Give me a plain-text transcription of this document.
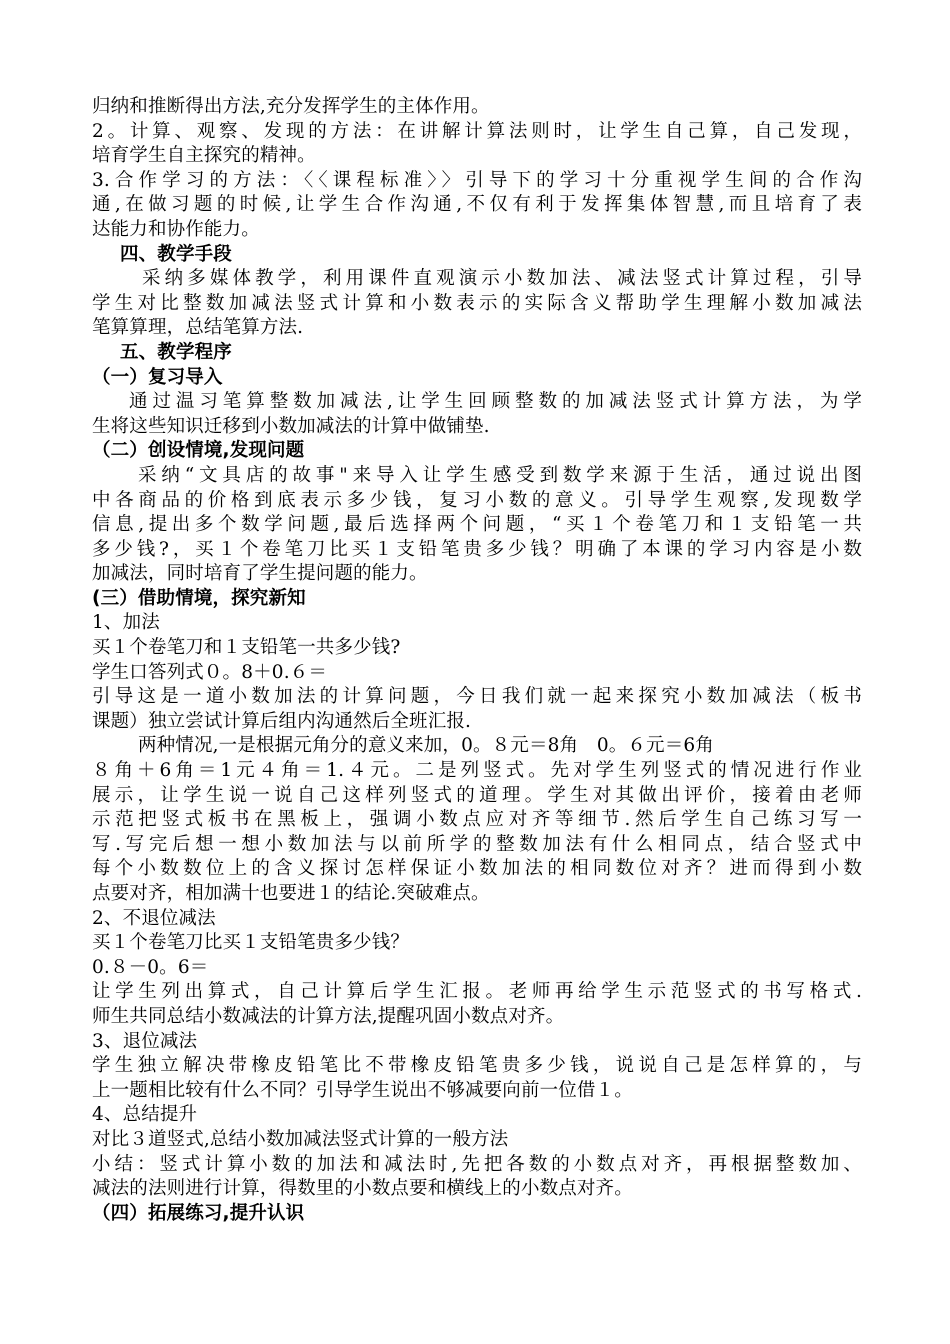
归纳和推断得出方法,充分发挥学生的主体作用。
2。计算、观察、发现的方法：在讲解计算法则时，让学生自己算，自己发现，
培育学生自主探究的精神。
3.合作学习的方法：〈〈课程标准〉〉引导下的学习十分重视学生间的合作沟
通,在做习题的时候,让学生合作沟通,不仅有利于发挥集体智慧,而且培育了表
达能力和协作能力。
四、教学手段
采纳多媒体教学，利用课件直观演示小数加法、减法竖式计算过程，引导
学生对比整数加减法竖式计算和小数表示的实际含义帮助学生理解小数加减法
笔算算理，总结笔算方法.
五、教学程序
（一）复习导入
通过温习笔算整数加减法,让学生回顾整数的加减法竖式计算方法，为学
生将这些知识迁移到小数加减法的计算中做铺垫.
（二）创设情境,发现问题
采纳“文具店的故事"来导入让学生感受到数学来源于生活，通过说出图
中各商品的价格到底表示多少钱，复习小数的意义。引导学生观察,发现数学
信息,提出多个数学问题,最后选择两个问题，“买１个卷笔刀和１支铅笔一共
多少钱?，买１个卷笔刀比买１支铅笔贵多少钱？明确了本课的学习内容是小数
加减法，同时培育了学生提问题的能力。
(三）借助情境，探究新知
1、加法
买１个卷笔刀和１支铅笔一共多少钱?
学生口答列式０。8＋0.６＝
引导这是一道小数加法的计算问题，今日我们就一起来探究小数加减法（板书
课题）独立尝试计算后组内沟通然后全班汇报.
两种情况,一是根据元角分的意义来加，0。８元＝8角　0。６元＝6角
８角＋6角＝1元４角＝1.４元。二是列竖式。先对学生列竖式的情况进行作业
展示，让学生说一说自己这样列竖式的道理。学生对其做出评价，接着由老师
示范把竖式板书在黑板上，强调小数点应对齐等细节.然后学生自己练习写一
写.写完后想一想小数加法与以前所学的整数加法有什么相同点，结合竖式中
每个小数数位上的含义探讨怎样保证小数加法的相同数位对齐？进而得到小数
点要对齐，相加满十也要进１的结论.突破难点。
2、不退位减法
买１个卷笔刀比买１支铅笔贵多少钱？
0.８－0。6＝
让学生列出算式，自己计算后学生汇报。老师再给学生示范竖式的书写格式.
师生共同总结小数减法的计算方法,提醒巩固小数点对齐。
3、退位减法
学生独立解决带橡皮铅笔比不带橡皮铅笔贵多少钱，说说自己是怎样算的，与
上一题相比较有什么不同？引导学生说出不够减要向前一位借１。
4、总结提升
对比３道竖式,总结小数加减法竖式计算的一般方法
小结：竖式计算小数的加法和减法时,先把各数的小数点对齐，再根据整数加、
减法的法则进行计算，得数里的小数点要和横线上的小数点对齐。
（四）拓展练习,提升认识
